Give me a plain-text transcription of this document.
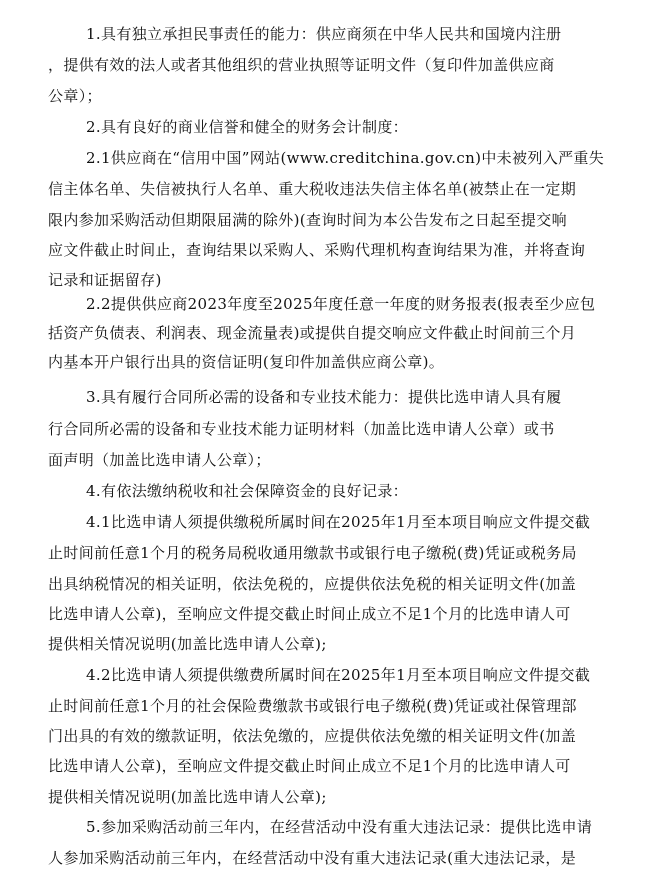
1.具有独立承担民事责任的能力：供应商须在中华人民共和国境内注册
，提供有效的法人或者其他组织的营业执照等证明文件（复印件加盖供应商
公章）；
2.具有良好的商业信誉和健全的财务会计制度：
2.1供应商在“信用中国”网站(www.creditchina.gov.cn)中未被列入严重失
信主体名单、失信被执行人名单、重大税收违法失信主体名单(被禁止在一定期
限内参加采购活动但期限届满的除外)(查询时间为本公告发布之日起至提交响
应文件截止时间止，查询结果以采购人、采购代理机构查询结果为准，并将查询
记录和证据留存)
2.2提供供应商2023年度至2025年度任意一年度的财务报表(报表至少应包
括资产负债表、利润表、现金流量表)或提供自提交响应文件截止时间前三个月
内基本开户银行出具的资信证明(复印件加盖供应商公章)。
3.具有履行合同所必需的设备和专业技术能力：提供比选申请人具有履
行合同所必需的设备和专业技术能力证明材料（加盖比选申请人公章）或书
面声明（加盖比选申请人公章）；
4.有依法缴纳税收和社会保障资金的良好记录：
4.1比选申请人须提供缴税所属时间在2025年1月至本项目响应文件提交截
止时间前任意1个月的税务局税收通用缴款书或银行电子缴税(费)凭证或税务局
出具纳税情况的相关证明，依法免税的，应提供依法免税的相关证明文件(加盖
比选申请人公章)，至响应文件提交截止时间止成立不足1个月的比选申请人可
提供相关情况说明(加盖比选申请人公章);
4.2比选申请人须提供缴费所属时间在2025年1月至本项目响应文件提交截
止时间前任意1个月的社会保险费缴款书或银行电子缴税(费)凭证或社保管理部
门出具的有效的缴款证明，依法免缴的，应提供依法免缴的相关证明文件(加盖
比选申请人公章)，至响应文件提交截止时间止成立不足1个月的比选申请人可
提供相关情况说明(加盖比选申请人公章);
5.参加采购活动前三年内，在经营活动中没有重大违法记录：提供比选申请
人参加采购活动前三年内，在经营活动中没有重大违法记录(重大违法记录，是
